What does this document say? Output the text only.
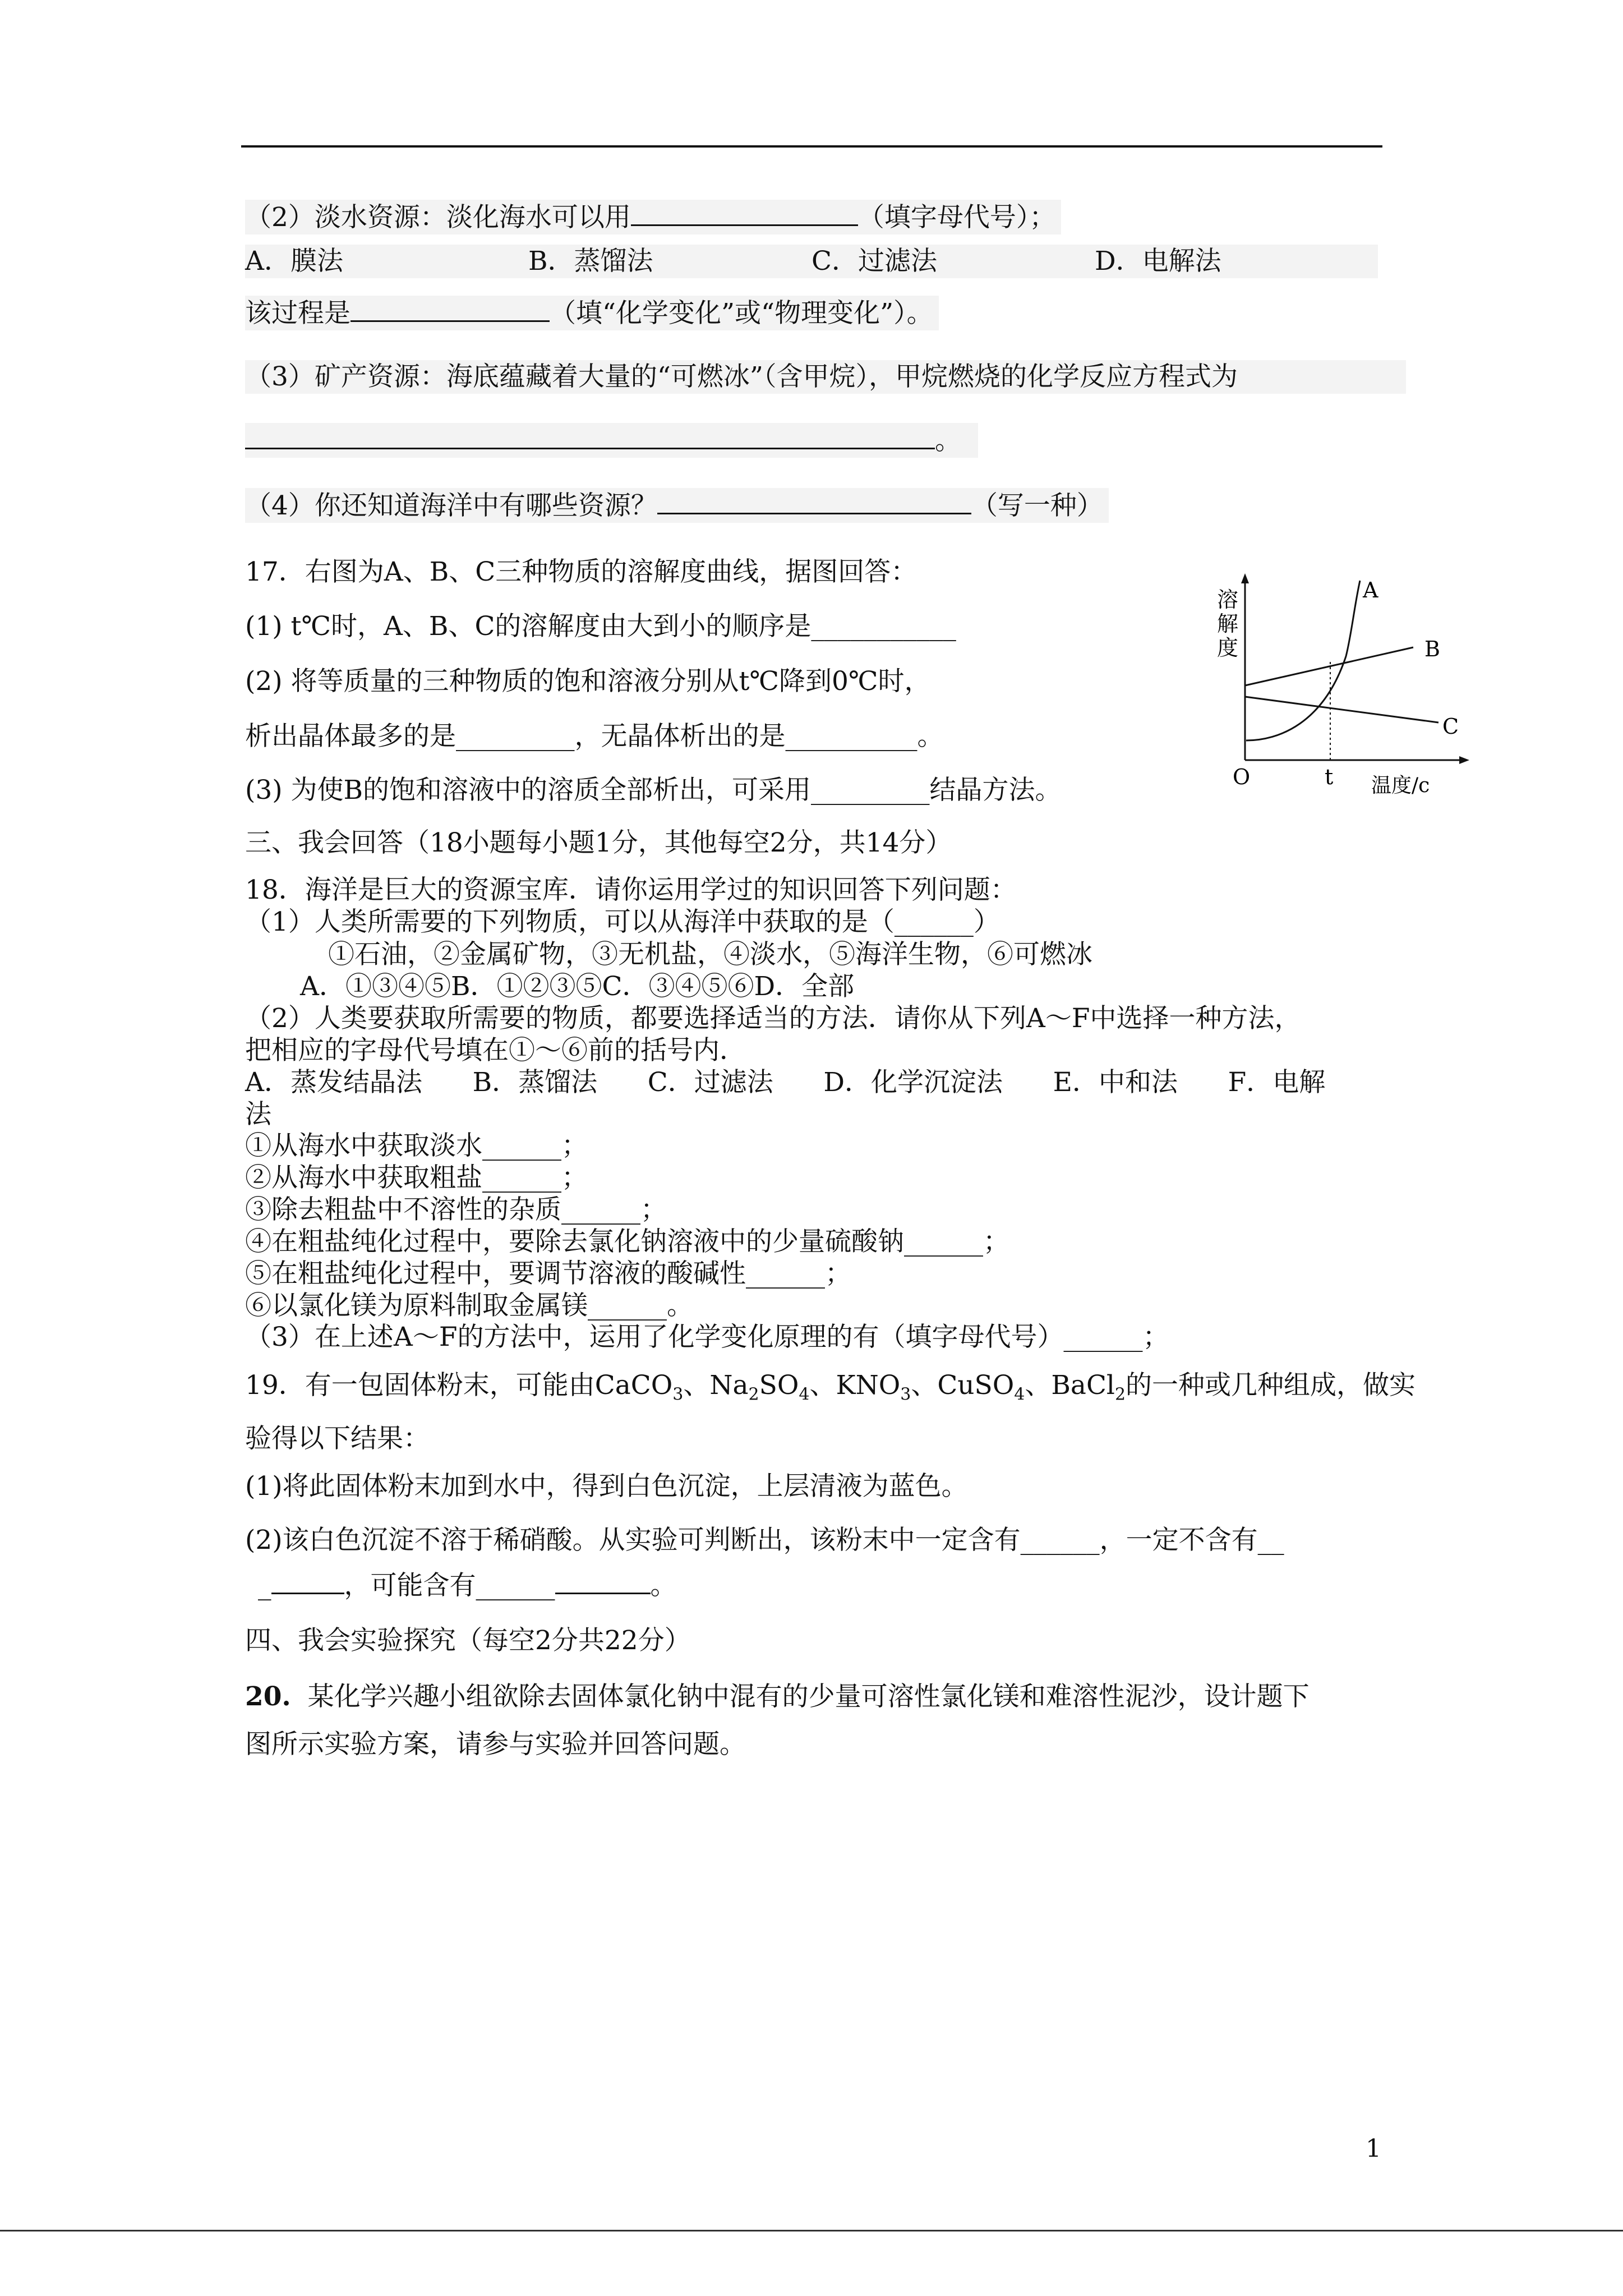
（2）淡水资源：淡化海水可以用	（填字母代号）；
A．膜法	B．蒸馏法	C．过滤法	D．电解法
该过程是	（填“化学变化”或“物理变化”）。
（3）矿产资源：海底蕴藏着大量的“可燃冰”（含甲烷），甲烷燃烧的化学反应方程式为
。
（4）你还知道海洋中有哪些资源？	（写一种）
17．右图为A、B、C三种物质的溶解度曲线，据图回答：
(1) t℃时，A、B、C的溶解度由大到小的顺序是___________
(2) 将等质量的三种物质的饱和溶液分别从t℃降到0℃时，
析出晶体最多的是_________，无晶体析出的是__________。
(3) 为使B的饱和溶液中的溶质全部析出，可采用_________结晶方法。
溶
解
度
A
B
C
O	t 温度/c
三、我会回答（18小题每小题1分，其他每空2分，共14分）
18．海洋是巨大的资源宝库．请你运用学过的知识回答下列问题：
（1）人类所需要的下列物质，可以从海洋中获取的是（______）
①石油，②金属矿物，③无机盐，④淡水，⑤海洋生物，⑥可燃冰
A．①③④⑤B．①②③⑤C．③④⑤⑥D．全部
（2）人类要获取所需要的物质，都要选择适当的方法．请你从下列A～F中选择一种方法，
把相应的字母代号填在①～⑥前的括号内．
A．蒸发结晶法      B．蒸馏法      C．过滤法      D．化学沉淀法      E．中和法      F．电解
法
①从海水中获取淡水______；
②从海水中获取粗盐______；
③除去粗盐中不溶性的杂质______；
④在粗盐纯化过程中，要除去氯化钠溶液中的少量硫酸钠______；
⑤在粗盐纯化过程中，要调节溶液的酸碱性______；
⑥以氯化镁为原料制取金属镁______。
（3）在上述A～F的方法中，运用了化学变化原理的有（填字母代号）______；
19．有一包固体粉末，可能由CaCO$_3$、$Na_2SO_4$、$KNO_3$、CuSO$_4$、BaCl$_2$的一种或几种组成，做实
验得以下结果：
(1)将此固体粉末加到水中，得到白色沉淀，上层清液为蓝色。
(2)该白色沉淀不溶于稀硝酸。从实验可判断出，该粉末中一定含有______，一定不含有__
_	，可能含有______	。
四、我会实验探究（每空2分共22分）
20.  某化学兴趣小组欲除去固体氯化钠中混有的少量可溶性氯化镁和难溶性泥沙，设计题下
图所示实验方案，请参与实验并回答问题。
1
